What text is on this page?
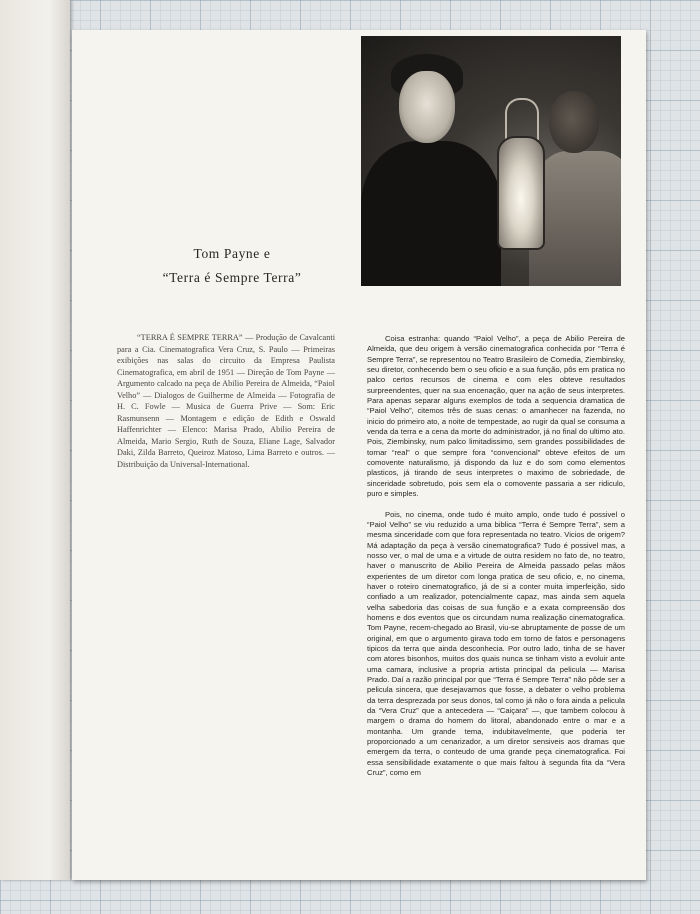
Tom Payne e
“Terra é Sempre Terra”
“TERRA É SEMPRE TERRA” — Produção de Cavalcanti para a Cia. Cinematografica Vera Cruz, S. Paulo — Primeiras exibições nas salas do circuito da Empresa Paulista Cinematografica, em abril de 1951 — Direção de Tom Payne — Argumento calcado na peça de Abilio Pereira de Almeida, “Paiol Velho” — Dialogos de Guilherme de Almeida — Fotografia de H. C. Fowle — Musica de Guerra Prive — Som: Eric Rasmunsenn — Montagem e edição de Edith e Oswald Haffenrichter — Elenco: Marisa Prado, Abilio Pereira de Almeida, Mario Sergio, Ruth de Souza, Eliane Lage, Salvador Daki, Zilda Barreto, Queiroz Matoso, Lima Barreto e outros. — Distribuição da Universal-International.

Coisa estranha: quando “Paiol Velho”, a peça de Abilio Pereira de Almeida, que deu origem à versão cinematografica conhecida por “Terra é Sempre Terra”, se representou no Teatro Brasileiro de Comedia, Ziembinsky, seu diretor, conhecendo bem o seu oficio e a sua função, pôs em pratica no palco certos recursos de cinema e com eles obteve resultados surpreendentes, quer na sua encenação, quer na ação de seus interpretes. Para apenas separar alguns exemplos de toda a sequencia dramatica de “Paiol Velho”, citemos três de suas cenas: o amanhecer na fazenda, no inicio do primeiro ato, a noite de tempestade, ao rugir da qual se consuma a venda da terra e a cena da morte do administrador, já no final do ultimo ato. Pois, Ziembinsky, num palco limitadissimo, sem grandes possibilidades de tornar “real” o que sempre fora “convencional” obteve efeitos de um comovente naturalismo, já dispondo da luz e do som como elementos plasticos, já tirando de seus interpretes o maximo de sobriedade, de sinceridade sobretudo, pois sem ela o comovente passaria a ser ridiculo, puro e simples.

Pois, no cinema, onde tudo é muito amplo, onde tudo é possivel o “Paiol Velho” se viu reduzido a uma biblica “Terra é Sempre Terra”, sem a mesma sinceridade com que fora representada no teatro. Vicios de origem? Má adaptação da peça à versão cinematografica? Tudo é possivel mas, a nosso ver, o mal de uma e a virtude de outra residem no fato de, no teatro, haver o manuscrito de Abilio Pereira de Almeida passado pelas mãos experientes de um diretor com longa pratica de seu oficio, e, no cinema, haver o roteiro cinematografico, já de si a conter muita imperfeição, sido confiado a um realizador, potencialmente capaz, mas ainda sem aquela velha sabedoria das coisas de sua função e a exata compreensão dos homens e dos eventos que os circundam numa realização cinematografica. Tom Payne, recem-chegado ao Brasil, viu-se abruptamente de posse de um original, em que o argumento girava todo em torno de fatos e personagens tipicos da terra que ainda desconhecia. Por outro lado, tinha de se haver com atores bisonhos, muitos dos quais nunca se tinham visto a evoluir ante uma camara, inclusive a propria artista principal da pelicula — Marisa Prado. Daí a razão principal por que “Terra é Sempre Terra” não pôde ser a pelicula sincera, que desejavamos que fosse, a debater o velho problema da terra desprezada por seus donos, tal como já não o fora ainda a pelicula da “Vera Cruz” que a antecedera — “Caiçara” —, que tambem colocou à margem o drama do homem do litoral, abandonado entre o mar e a montanha. Um grande tema, indubitavelmente, que poderia ter proporcionado a um cenarizador, a um diretor sensiveis aos dramas que emergem da terra, o conteudo de uma grande peça cinematografica. Foi essa sensibilidade exatamente o que mais faltou à segunda fita da “Vera Cruz”, como em
